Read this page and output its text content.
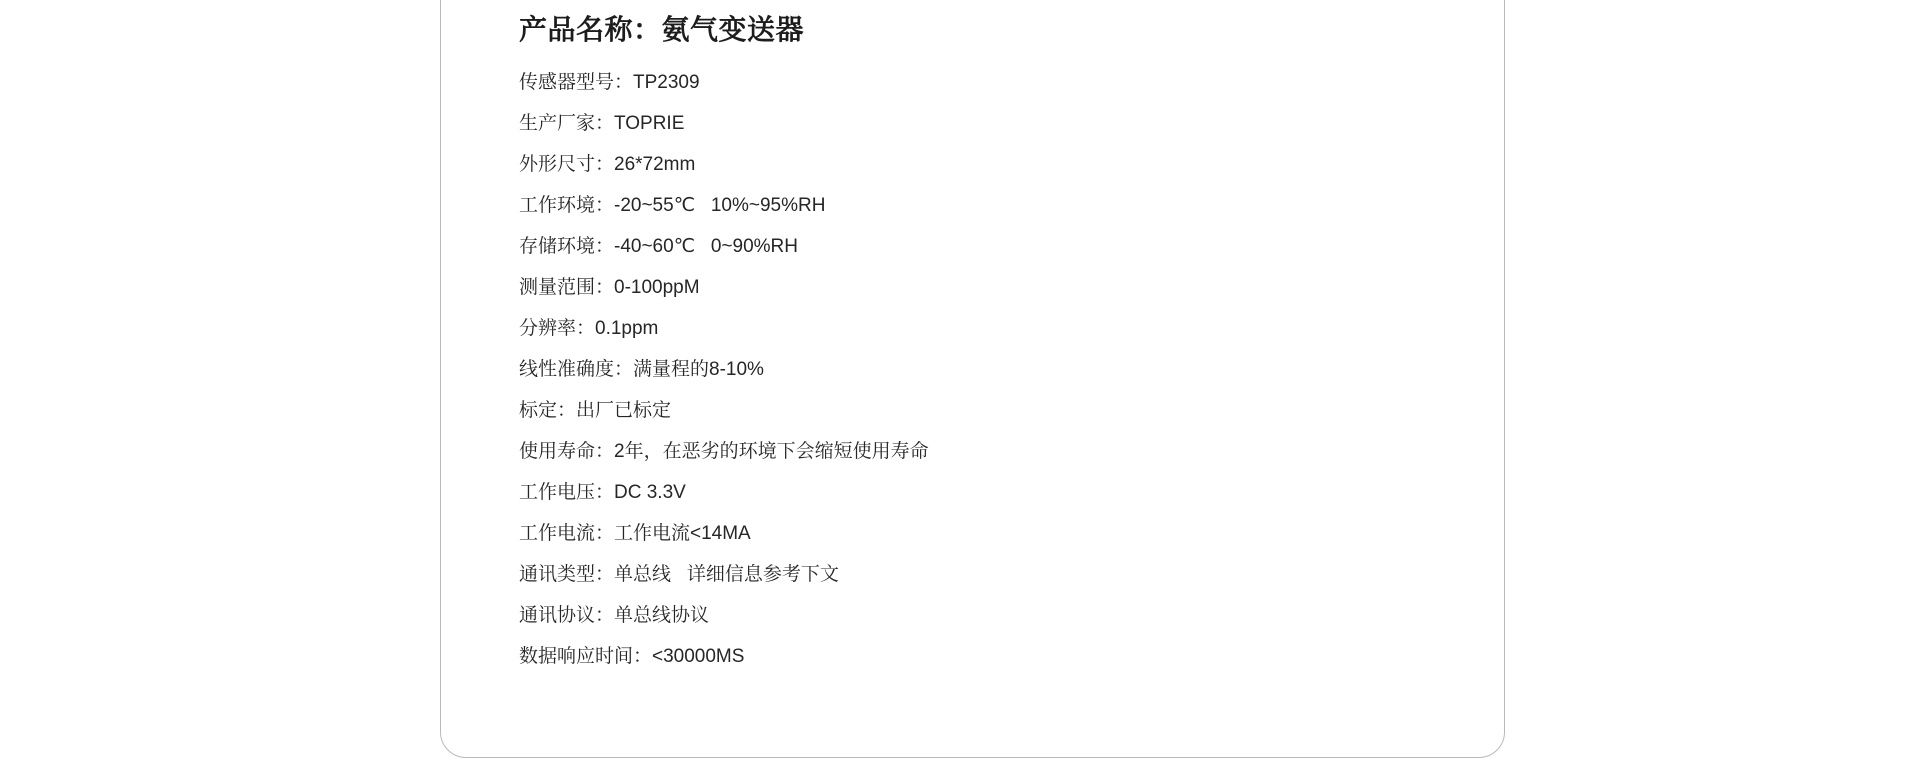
产品名称：氨气变送器
传感器型号：TP2309
生产厂家：TOPRIE
外形尺寸：26*72mm
工作环境：-20~55℃   10%~95%RH
存储环境：-40~60℃   0~90%RH
测量范围：0-100ppM
分辨率：0.1ppm
线性准确度：满量程的8-10%
标定：出厂已标定
使用寿命：2年，在恶劣的环境下会缩短使用寿命
工作电压：DC 3.3V
工作电流：工作电流<14MA
通讯类型：单总线   详细信息参考下文
通讯协议：单总线协议
数据响应时间：<30000MS
